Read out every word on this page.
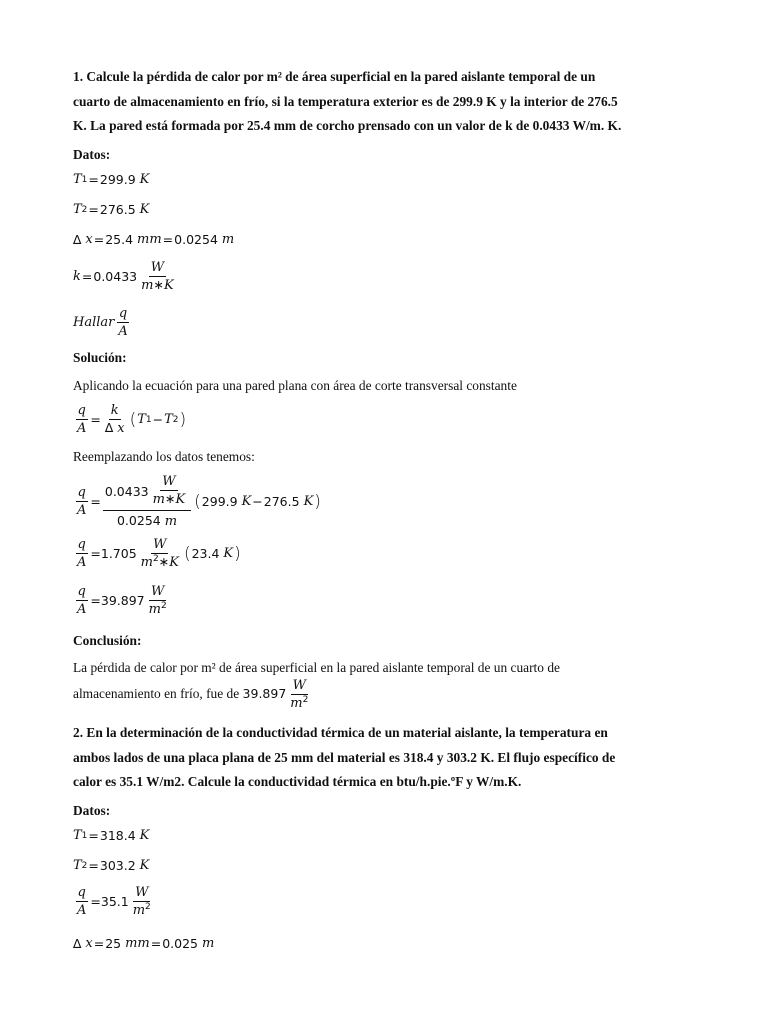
1. Calcule la pérdida de calor por m² de área superficial en la pared aislante temporal de un
cuarto de almacenamiento en frío, si la temperatura exterior es de 299.9 K y la interior de 276.5
K. La pared está formada por 25.4 mm de corcho prensado con un valor de k de 0.0433 W/m. K.
Datos:
T 1 = 299.9
K
T 2 = 276.5
K
∆
x = 25.4
mm = 0.0254
m
$k = 0.0433 \frac{W}{m∗K}$
Hallar $\frac{q}{A}$
Solución:
Aplicando la ecuación para una pared plana con área de corte transversal constante
$\frac{q}{A} = \frac{k}{\Delta x}$ ( T 1 − T 2 )
Reemplazando los datos tenemos:
$\frac{q}{A} = \frac{0.0433 \frac{W}{m∗K}}{0.0254 m}$ ( 299.9
K − 276.5
K )
$\frac{q}{A} = 1.705 \frac{W}{m^2∗K}$ ( 23.4
K )
$\frac{q}{A} = 39.897 \frac{W}{m^2}$
Conclusión:
La pérdida de calor por m² de área superficial en la pared aislante temporal de un cuarto de
almacenamiento en frío, fue de
$39.897 \frac{W}{m^2}$
2. En la determinación de la conductividad térmica de un material aislante, la temperatura en
ambos lados de una placa plana de 25 mm del material es 318.4 y 303.2 K. El flujo específico de
calor es 35.1 W/m2. Calcule la conductividad térmica en btu/h.pie.ºF y W/m.K.
Datos:
T 1 = 318.4
K
T 2 = 303.2
K
$\frac{q}{A} = 35.1 \frac{W}{m^2}$
∆
x = 25
mm = 0.025
m
